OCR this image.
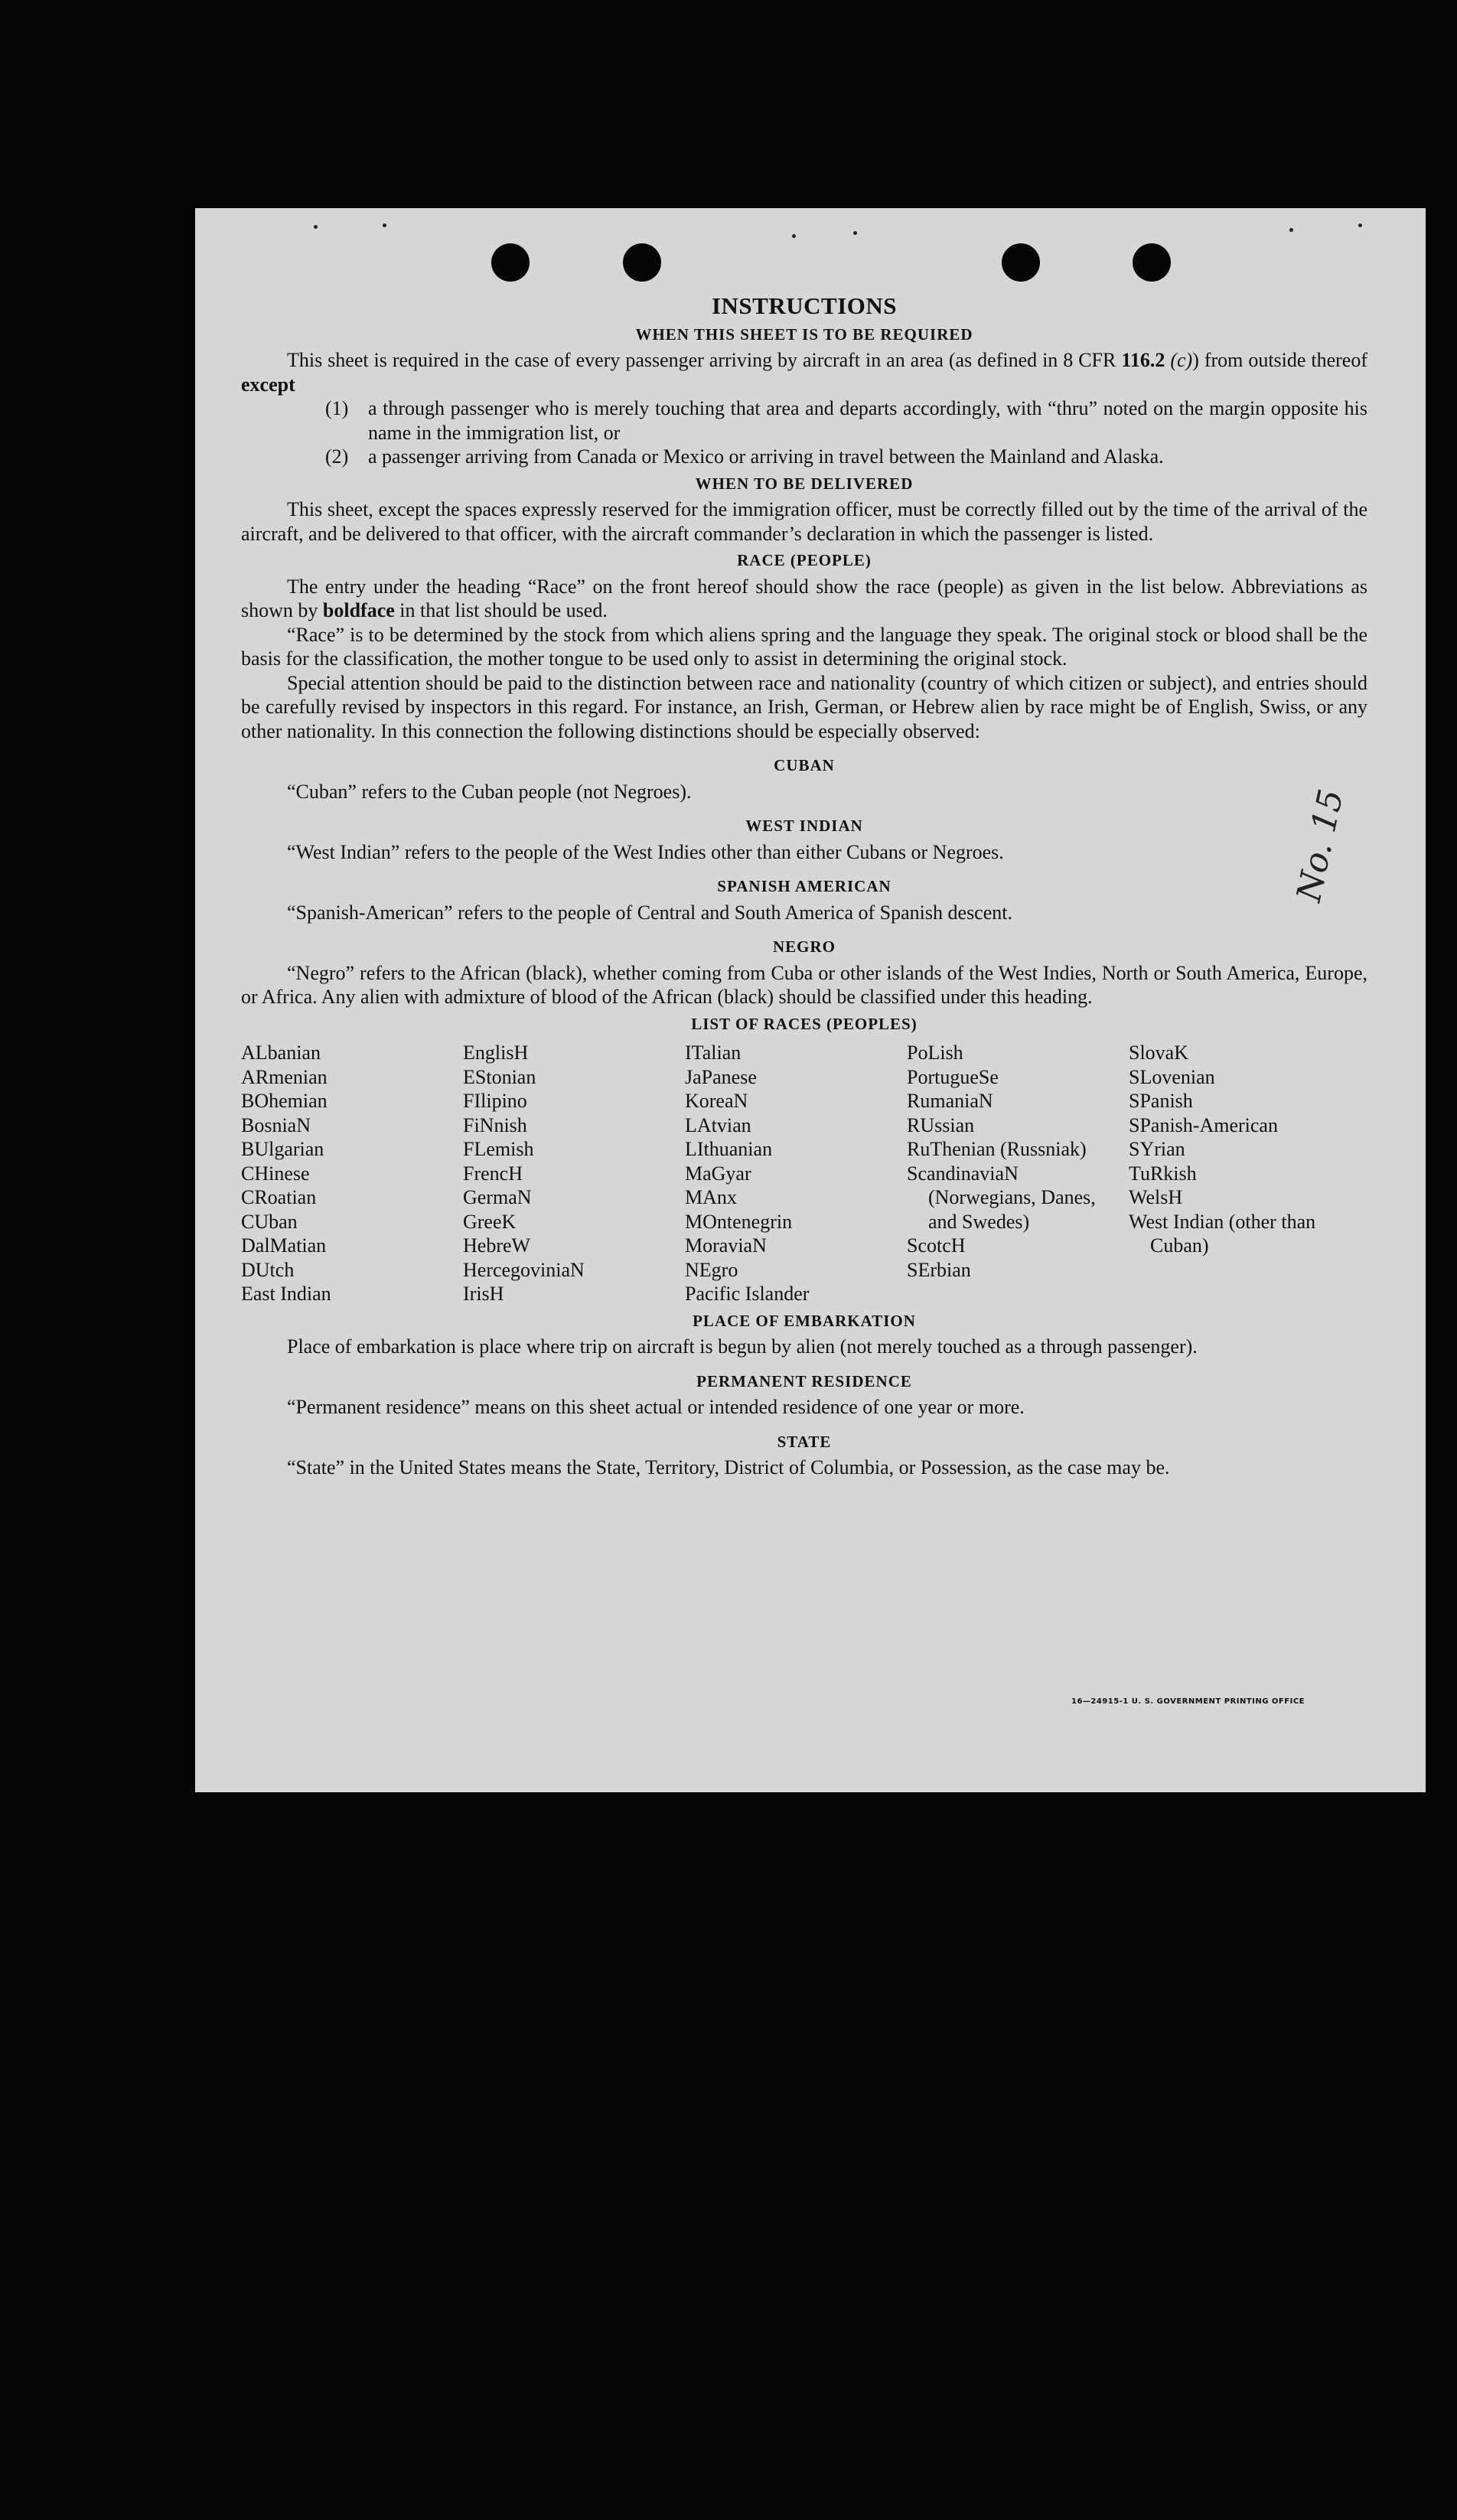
No. 15
INSTRUCTIONS
WHEN THIS SHEET IS TO BE REQUIRED

This sheet is required in the case of every passenger arriving by aircraft in an area (as defined in 8 CFR 116.2 (c)) from outside thereof except

(1) a through passenger who is merely touching that area and departs accordingly, with “thru” noted on the margin opposite his name in the immigration list, or
(2) a passenger arriving from Canada or Mexico or arriving in travel between the Mainland and Alaska.
WHEN TO BE DELIVERED

This sheet, except the spaces expressly reserved for the immigration officer, must be correctly filled out by the time of the arrival of the aircraft, and be delivered to that officer, with the aircraft commander’s declaration in which the passenger is listed.

RACE (PEOPLE)

The entry under the heading “Race” on the front hereof should show the race (people) as given in the list below. Abbreviations as shown by boldface in that list should be used.

“Race” is to be determined by the stock from which aliens spring and the language they speak. The original stock or blood shall be the basis for the classification, the mother tongue to be used only to assist in determining the original stock.

Special attention should be paid to the distinction between race and nationality (country of which citizen or subject), and entries should be carefully revised by inspectors in this regard. For instance, an Irish, German, or Hebrew alien by race might be of English, Swiss, or any other nationality. In this connection the following distinctions should be especially observed:

CUBAN

“Cuban” refers to the Cuban people (not Negroes).

WEST INDIAN

“West Indian” refers to the people of the West Indies other than either Cubans or Negroes.

SPANISH AMERICAN

“Spanish-American” refers to the people of Central and South America of Spanish descent.

NEGRO

“Negro” refers to the African (black), whether coming from Cuba or other islands of the West Indies, North or South America, Europe, or Africa. Any alien with admixture of blood of the African (black) should be classified under this heading.

LIST OF RACES (PEOPLES)
ALbanian
ARmenian
BOhemian
BosniaN
BUlgarian
CHinese
CRoatian
CUban
DalMatian
DUtch
East Indian
EnglisH
EStonian
FIlipino
FiNnish
FLemish
FrencH
GermaN
GreeK
HebreW
HercegoviniaN
IrisH
ITalian
JaPanese
KoreaN
LAtvian
LIthuanian
MaGyar
MAnx
MOntenegrin
MoraviaN
NEgro
Pacific Islander
PoLish
PortugueSe
RumaniaN
RUssian
RuThenian (Russniak)
ScandinaviaN (Norwegians, Danes, and Swedes)
ScotcH
SErbian
SlovaK
SLovenian
SPanish
SPanish-American
SYrian
TuRkish
WelsH
West Indian (other than Cuban)
PLACE OF EMBARKATION

Place of embarkation is place where trip on aircraft is begun by alien (not merely touched as a through passenger).

PERMANENT RESIDENCE

“Permanent residence” means on this sheet actual or intended residence of one year or more.

STATE

“State” in the United States means the State, Territory, District of Columbia, or Possession, as the case may be.

16—24915-1 U. S. GOVERNMENT PRINTING OFFICE
